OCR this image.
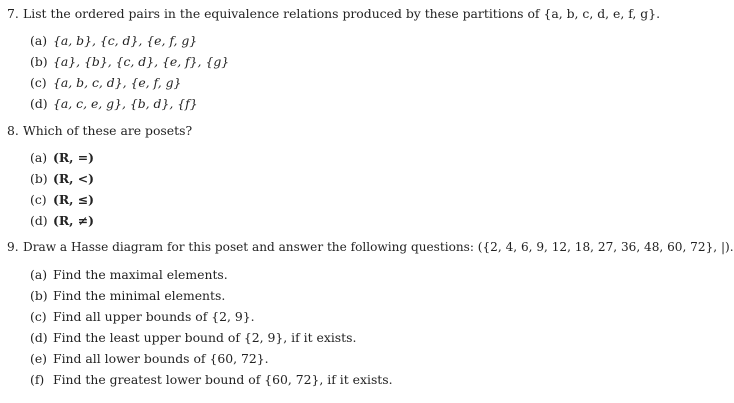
7. List the ordered pairs in the equivalence relations produced by these partitions of {a, b, c, d, e, f, g}.
(a) {a, b}, {c, d}, {e, f, g}
(b) {a}, {b}, {c, d}, {e, f}, {g}
(c) {a, b, c, d}, {e, f, g}
(d) {a, c, e, g}, {b, d}, {f}
8. Which of these are posets?
(a) (R, =)
(b) (R, <)
(c) (R, ≤)
(d) (R, ≠)
9. Draw a Hasse diagram for this poset and answer the following questions: ({2, 4, 6, 9, 12, 18, 27, 36, 48, 60, 72}, |).
(a) Find the maximal elements.
(b) Find the minimal elements.
(c) Find all upper bounds of {2, 9}.
(d) Find the least upper bound of {2, 9}, if it exists.
(e) Find all lower bounds of {60, 72}.
(f) Find the greatest lower bound of {60, 72}, if it exists.
